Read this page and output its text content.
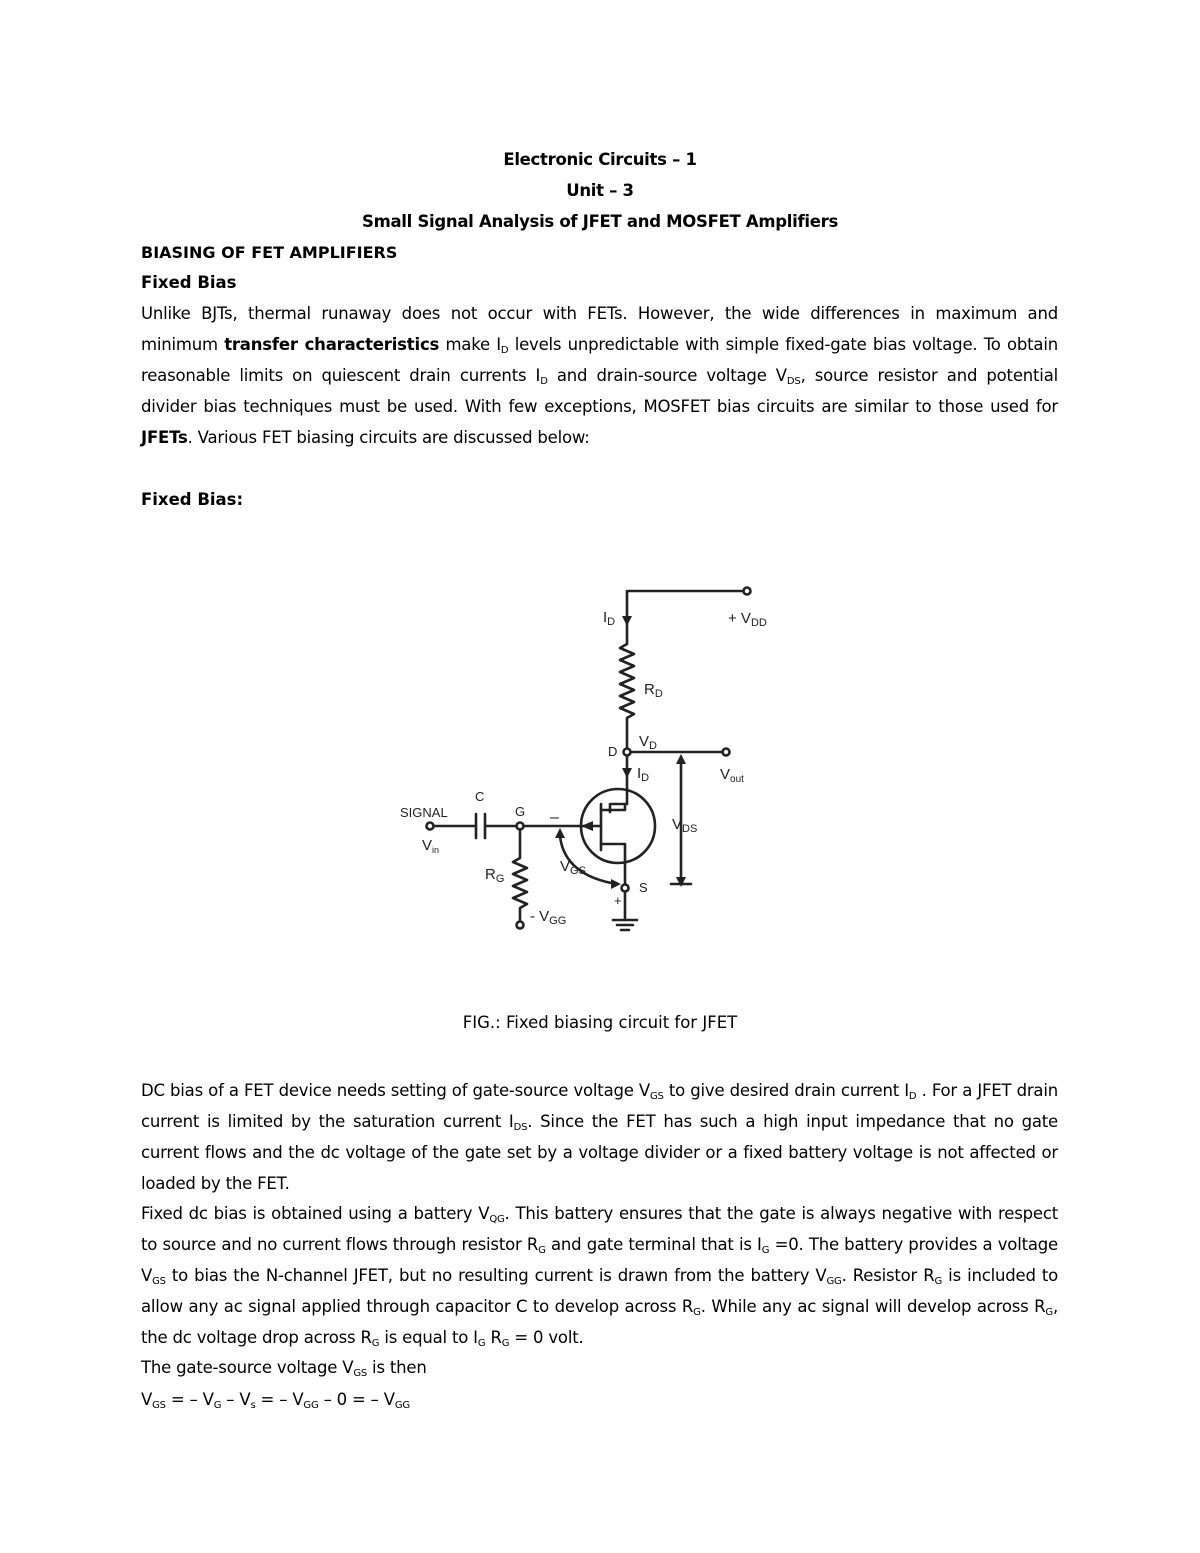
Electronic Circuits – 1
Unit – 3
Small Signal Analysis of JFET and MOSFET Amplifiers
BIASING OF FET AMPLIFIERS
Fixed Bias
Unlike BJTs, thermal runaway does not occur with FETs. However, the wide differences in maximum and minimum transfer characteristics make $I_D$ levels unpredictable with simple fixed-gate bias voltage. To obtain reasonable limits on quiescent drain currents $I_D$ and drain-source voltage $V_{DS}$, source resistor and potential divider bias techniques must be used. With few exceptions, MOSFET bias circuits are similar to those used for JFETs. Various FET biasing circuits are discussed below:
Fixed Bias:
+ $V_{DD}$
$I_D$
$R_D$
$V_D$
D
$I_D$	$V_{out}$
SIGNAL
C
G –
$V_{in}$
$V_{DS}$
$R_G$
$V_{GS}$
S
+
- $V_{GG}$
FIG.: Fixed biasing circuit for JFET
DC bias of a FET device needs setting of gate-source voltage $V_{GS}$ to give desired drain current $I_D$ . For a JFET drain current is limited by the saturation current $I_{DS}$. Since the FET has such a high input impedance that no gate current flows and the dc voltage of the gate set by a voltage divider or a fixed battery voltage is not affected or loaded by the FET.
Fixed dc bias is obtained using a battery $V_{QG}$. This battery ensures that the gate is always negative with respect to source and no current flows through resistor $R_G$ and gate terminal that is $I_G =0$. The battery provides a voltage $V_{GS}$ to bias the N-channel JFET, but no resulting current is drawn from the battery $V_{GG}$. Resistor $R_G$ is included to allow any ac signal applied through capacitor C to develop across $R_G$. While any ac signal will develop across $R_G$, the dc voltage drop across $R_G$ is equal to $I_G$ $R_G = 0$ volt.
The gate-source voltage $V_{GS}$ is then
$V_{GS}$ = – $V_G - V_s$ = – $V_{GG} - 0$ = – $V_{GG}$
